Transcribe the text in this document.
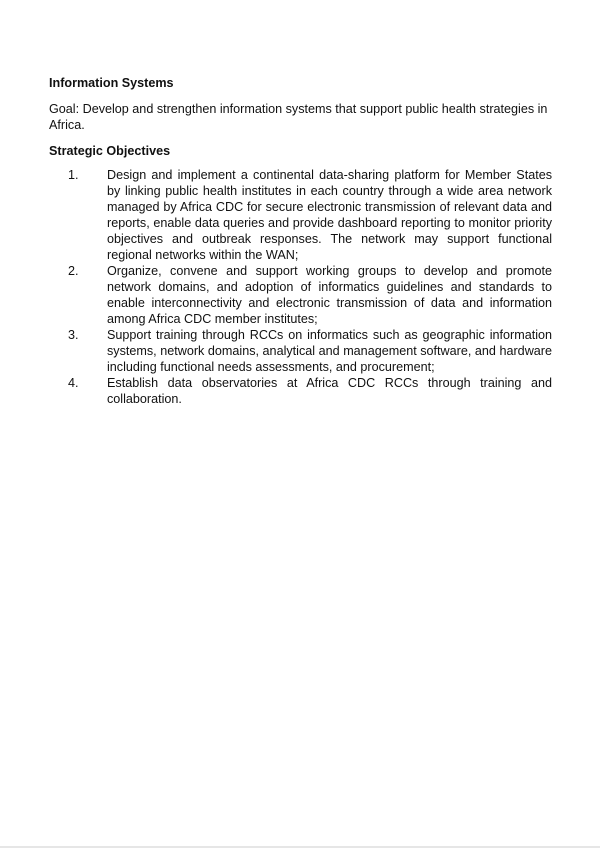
Information Systems
Goal: Develop and strengthen information systems that support public health strategies in Africa.
Strategic Objectives
1.	Design and implement a continental data-sharing platform for Member States by linking public health institutes in each country through a wide area network managed by Africa CDC for secure electronic transmission of relevant data and reports, enable data queries and provide dashboard reporting to monitor priority objectives and outbreak responses. The network may support functional regional networks within the WAN;
2.	Organize, convene and support working groups to develop and promote network domains, and adoption of informatics guidelines and standards to enable interconnectivity and electronic transmission of data and information among Africa CDC member institutes;
3.	Support training through RCCs on informatics such as geographic information systems, network domains, analytical and management software, and hardware including functional needs assessments, and procurement;
4.	Establish data observatories at Africa CDC RCCs through training and collaboration.
